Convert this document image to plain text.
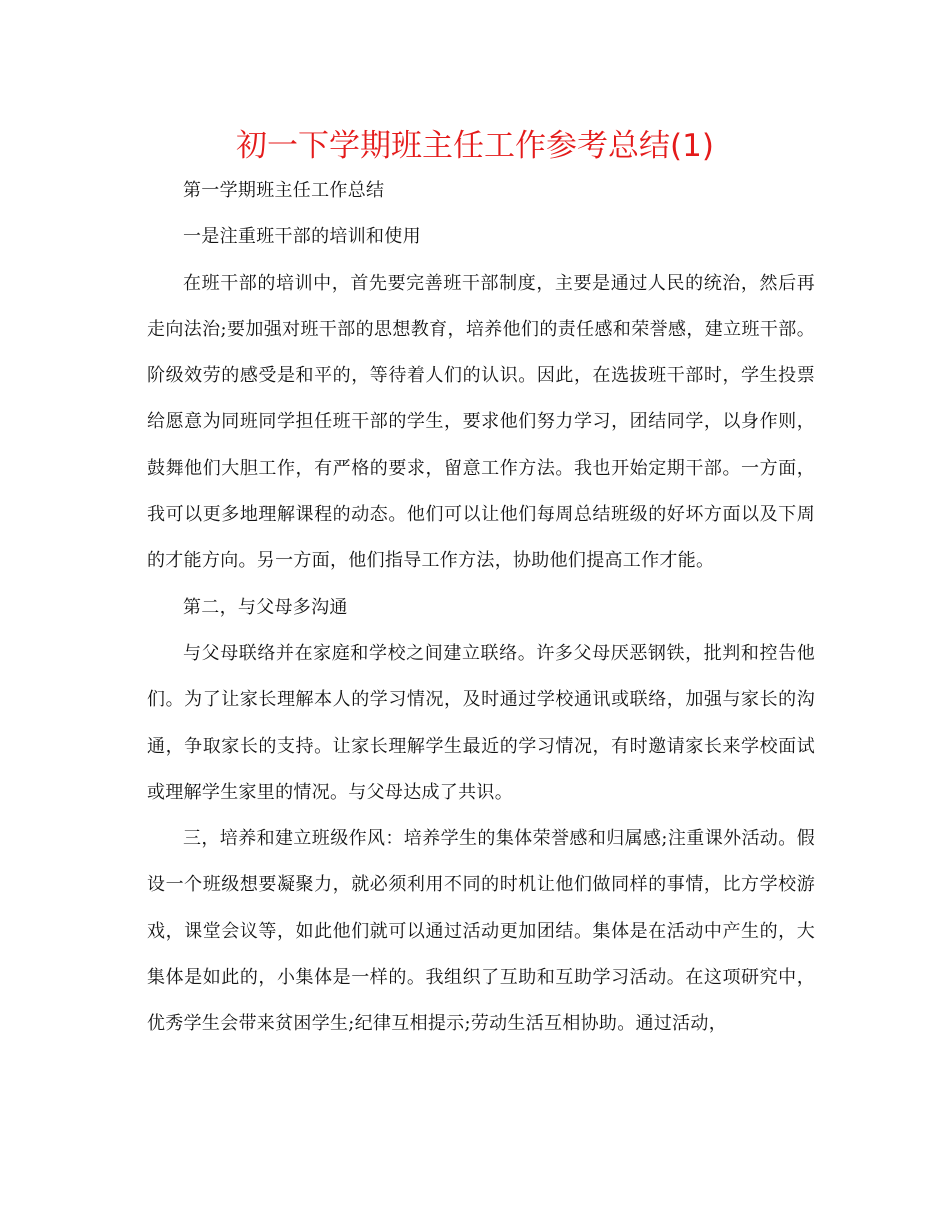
初一下学期班主任工作参考总结(1)

第一学期班主任工作总结

一是注重班干部的培训和使用

在班干部的培训中，首先要完善班干部制度，主要是通过人民的统治，然后再走向法治;要加强对班干部的思想教育，培养他们的责任感和荣誉感，建立班干部。阶级效劳的感受是和平的，等待着人们的认识。因此，在选拔班干部时，学生投票给愿意为同班同学担任班干部的学生，要求他们努力学习，团结同学，以身作则，鼓舞他们大胆工作，有严格的要求，留意工作方法。我也开始定期干部。一方面，我可以更多地理解课程的动态。他们可以让他们每周总结班级的好坏方面以及下周的才能方向。另一方面，他们指导工作方法，协助他们提高工作才能。

第二，与父母多沟通

与父母联络并在家庭和学校之间建立联络。许多父母厌恶钢铁，批判和控告他们。为了让家长理解本人的学习情况，及时通过学校通讯或联络，加强与家长的沟通，争取家长的支持。让家长理解学生最近的学习情况，有时邀请家长来学校面试或理解学生家里的情况。与父母达成了共识。

三，培养和建立班级作风：培养学生的集体荣誉感和归属感;注重课外活动。假设一个班级想要凝聚力，就必须利用不同的时机让他们做同样的事情，比方学校游戏，课堂会议等，如此他们就可以通过活动更加团结。集体是在活动中产生的，大集体是如此的，小集体是一样的。我组织了互助和互助学习活动。在这项研究中，优秀学生会带来贫困学生;纪律互相提示;劳动生活互相协助。通过活动，
